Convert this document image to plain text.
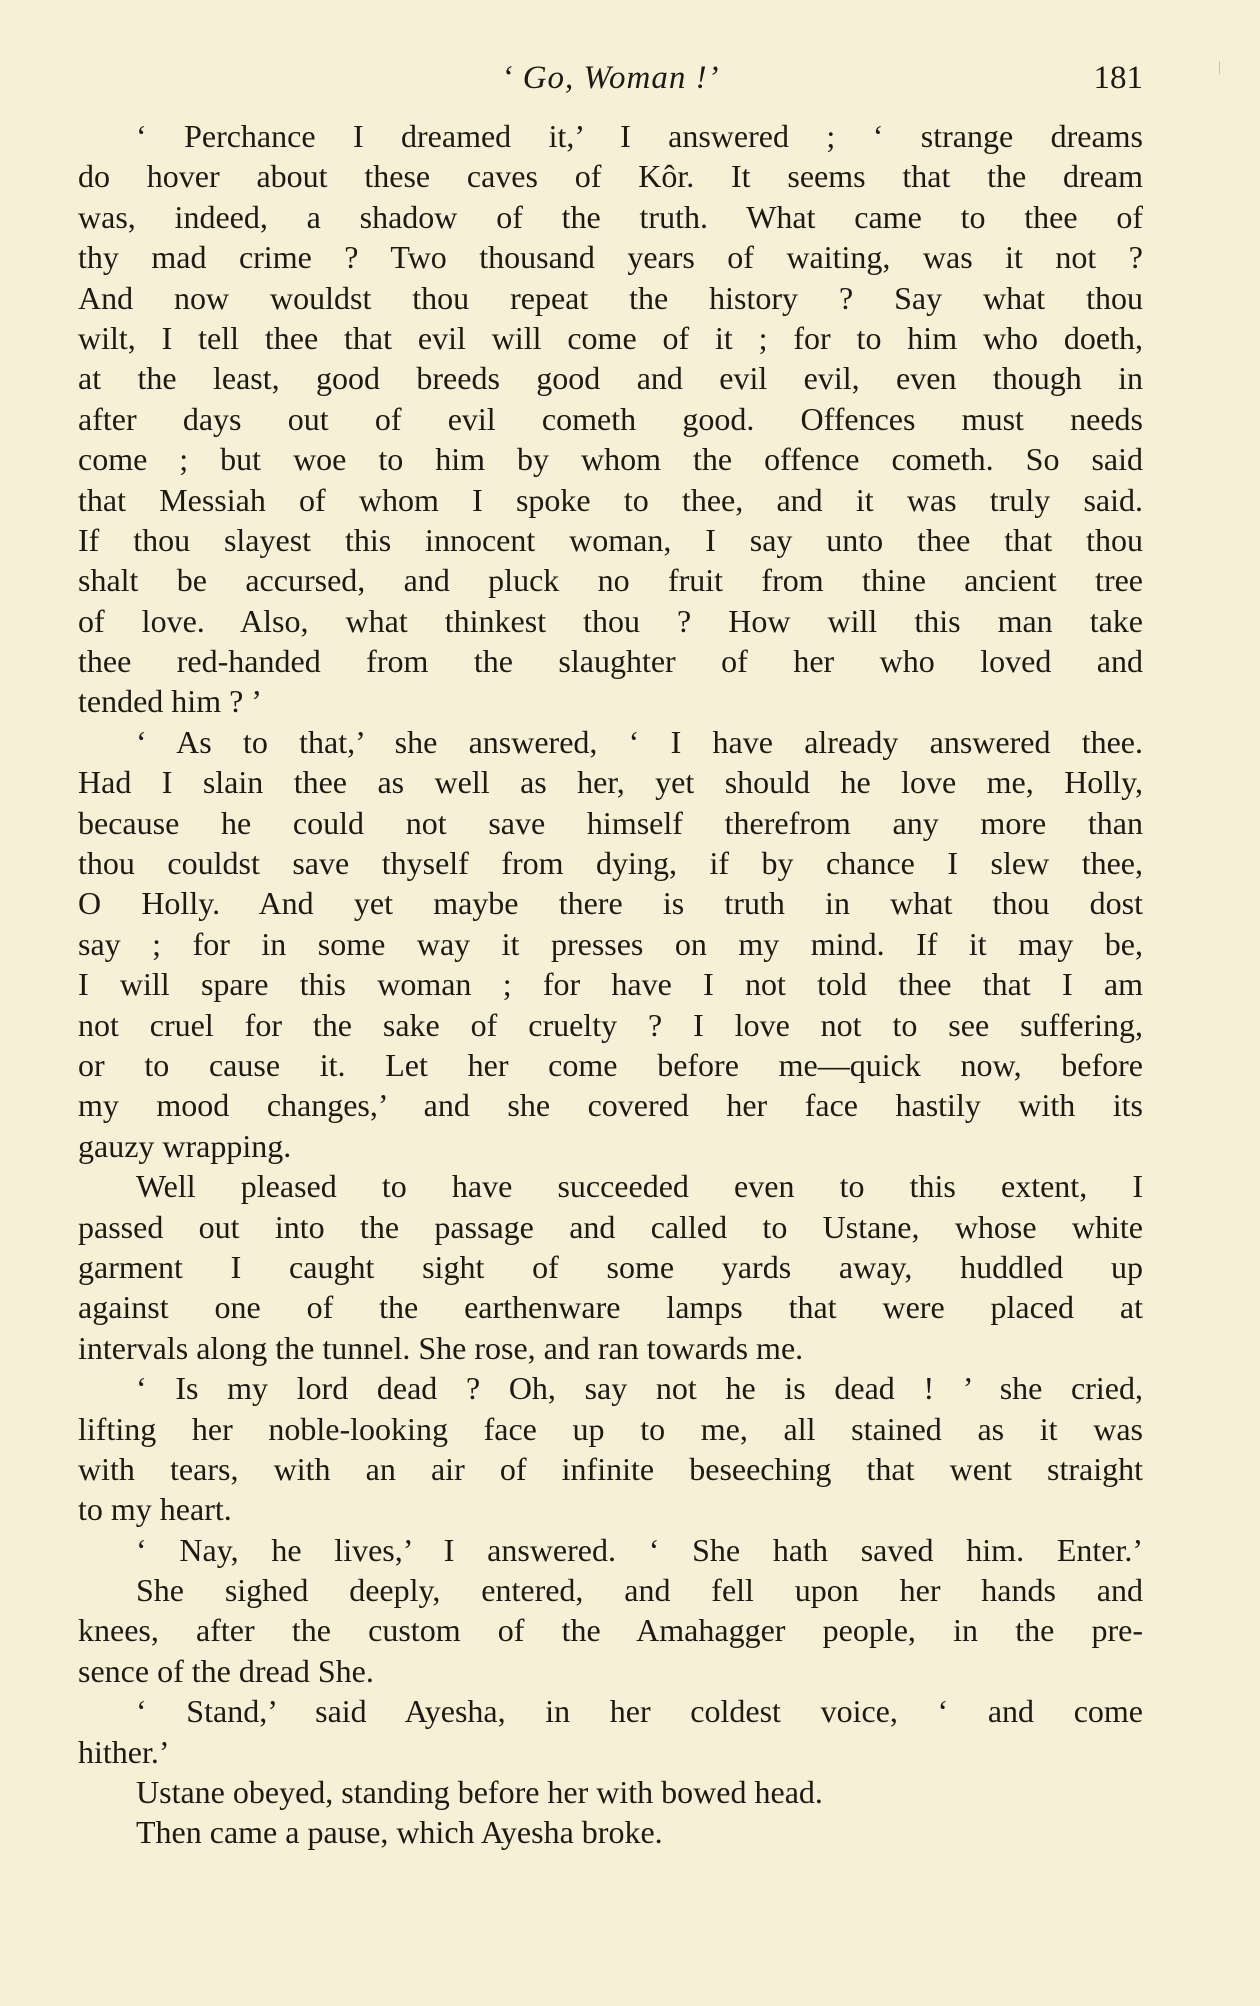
‘ Go, Woman !’	181
‘ Perchance I dreamed it,’ I answered ; ‘ strange dreams
do hover about these caves of Kôr. It seems that the dream
was, indeed, a shadow of the truth. What came to thee of
thy mad crime ? Two thousand years of waiting, was it not ?
And now wouldst thou repeat the history ? Say what thou
wilt, I tell thee that evil will come of it ; for to him who doeth,
at the least, good breeds good and evil evil, even though in
after days out of evil cometh good. Offences must needs
come ; but woe to him by whom the offence cometh. So said
that Messiah of whom I spoke to thee, and it was truly said.
If thou slayest this innocent woman, I say unto thee that thou
shalt be accursed, and pluck no fruit from thine ancient tree
of love. Also, what thinkest thou ? How will this man take
thee red-handed from the slaughter of her who loved and
tended him ? ’
‘ As to that,’ she answered, ‘ I have already answered thee.
Had I slain thee as well as her, yet should he love me, Holly,
because he could not save himself therefrom any more than
thou couldst save thyself from dying, if by chance I slew thee,
O Holly. And yet maybe there is truth in what thou dost
say ; for in some way it presses on my mind. If it may be,
I will spare this woman ; for have I not told thee that I am
not cruel for the sake of cruelty ? I love not to see suffering,
or to cause it. Let her come before me—quick now, before
my mood changes,’ and she covered her face hastily with its
gauzy wrapping.
Well pleased to have succeeded even to this extent, I
passed out into the passage and called to Ustane, whose white
garment I caught sight of some yards away, huddled up
against one of the earthenware lamps that were placed at
intervals along the tunnel. She rose, and ran towards me.
‘ Is my lord dead ? Oh, say not he is dead ! ’ she cried,
lifting her noble-looking face up to me, all stained as it was
with tears, with an air of infinite beseeching that went straight
to my heart.
‘ Nay, he lives,’ I answered. ‘ She hath saved him. Enter.’
She sighed deeply, entered, and fell upon her hands and
knees, after the custom of the Amahagger people, in the pre-
sence of the dread She.
‘ Stand,’ said Ayesha, in her coldest voice, ‘ and come
hither.’
Ustane obeyed, standing before her with bowed head.
Then came a pause, which Ayesha broke.
|
